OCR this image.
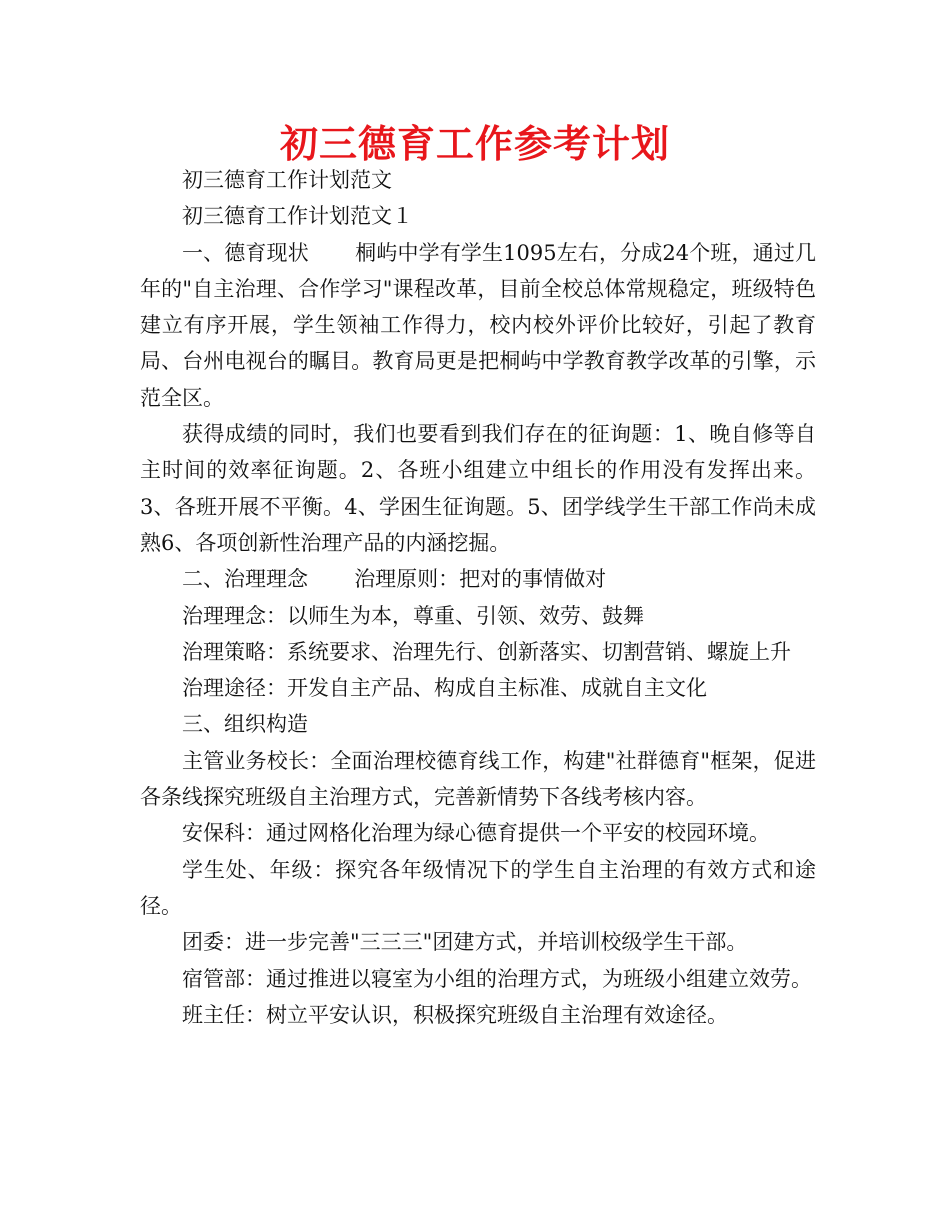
初三德育工作参考计划

初三德育工作计划范文

初三德育工作计划范文１

一、德育现状 桐屿中学有学生1095左右，分成24个班，通过几年的"自主治理、合作学习"课程改革，目前全校总体常规稳定，班级特色建立有序开展，学生领袖工作得力，校内校外评价比较好，引起了教育局、台州电视台的瞩目。教育局更是把桐屿中学教育教学改革的引擎，示范全区。

获得成绩的同时，我们也要看到我们存在的征询题：1、晚自修等自主时间的效率征询题。2、各班小组建立中组长的作用没有发挥出来。3、各班开展不平衡。4、学困生征询题。5、团学线学生干部工作尚未成熟6、各项创新性治理产品的内涵挖掘。

二、治理理念 治理原则：把对的事情做对

治理理念：以师生为本，尊重、引领、效劳、鼓舞

治理策略：系统要求、治理先行、创新落实、切割营销、螺旋上升

治理途径：开发自主产品、构成自主标准、成就自主文化

三、组织构造

主管业务校长：全面治理校德育线工作，构建"社群德育"框架，促进各条线探究班级自主治理方式，完善新情势下各线考核内容。

安保科：通过网格化治理为绿心德育提供一个平安的校园环境。

学生处、年级：探究各年级情况下的学生自主治理的有效方式和途径。

团委：进一步完善"三三三"团建方式，并培训校级学生干部。

宿管部：通过推进以寝室为小组的治理方式，为班级小组建立效劳。

班主任：树立平安认识，积极探究班级自主治理有效途径。
